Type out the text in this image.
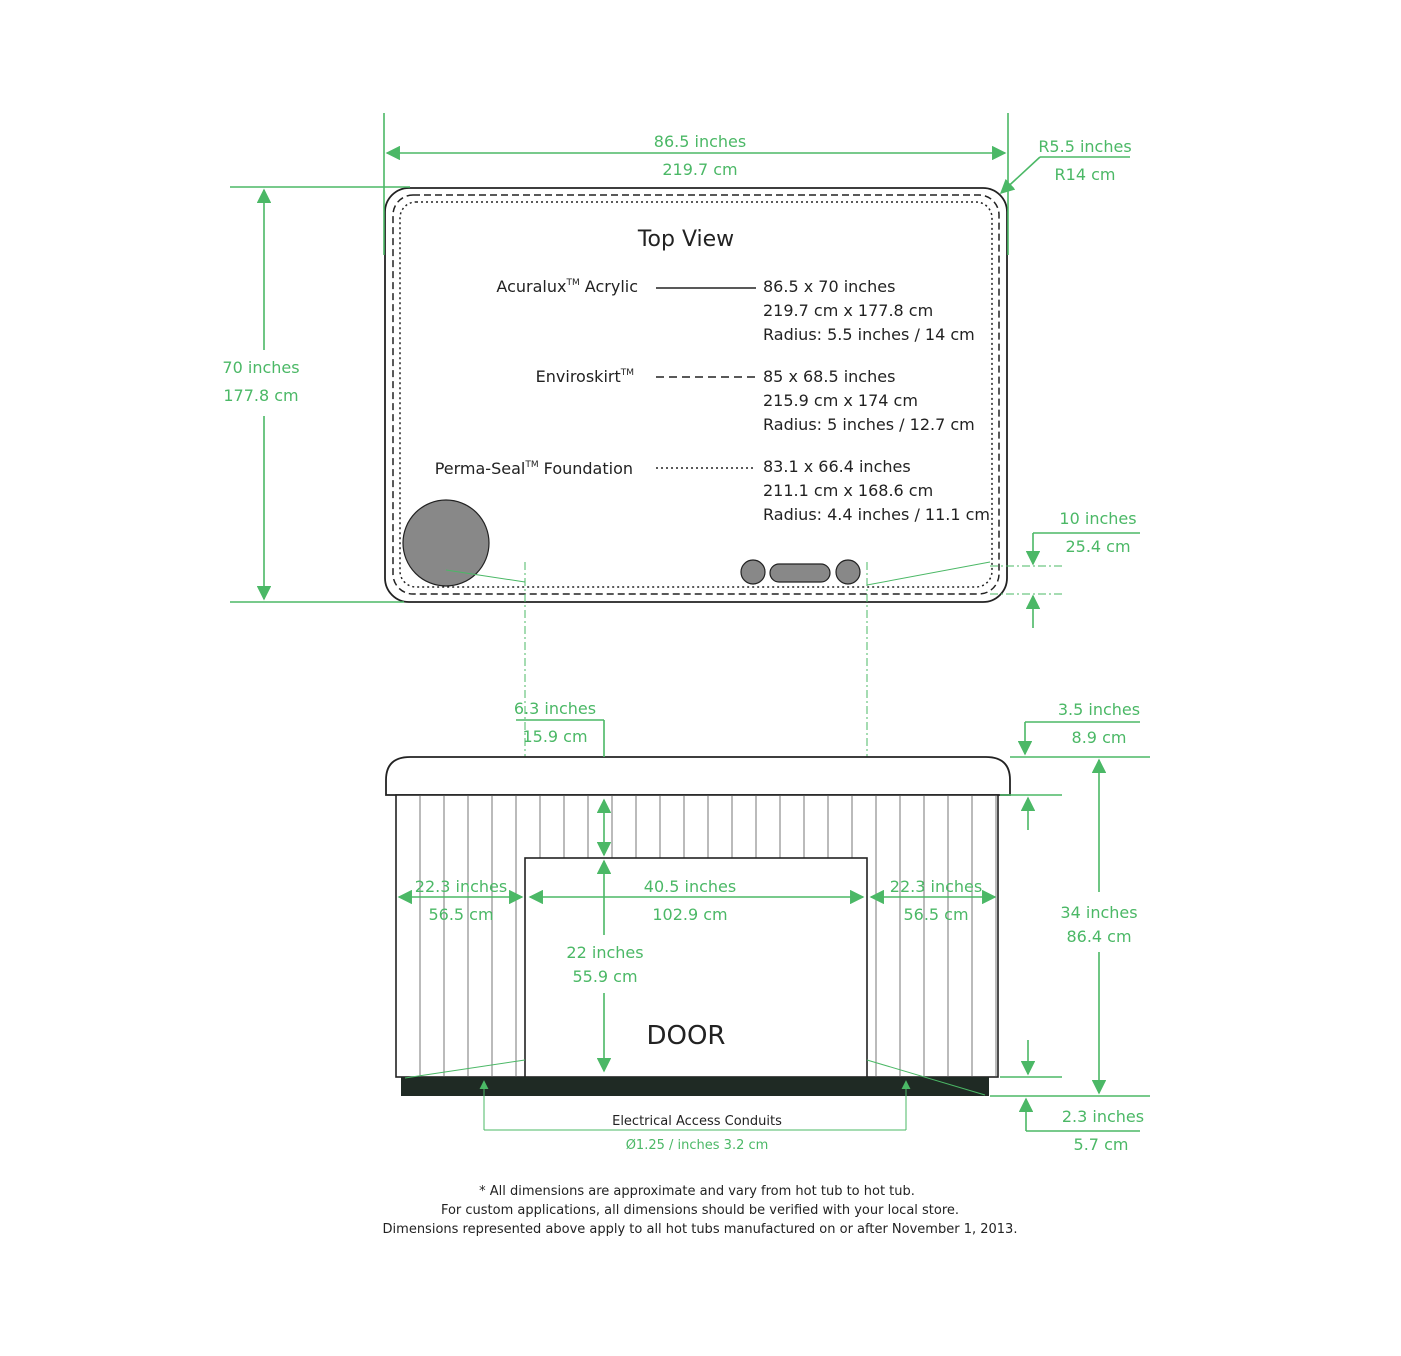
Top View
Acuralux™ Acrylic	86.5 x 70 inches
219.7 cm x 177.8 cm
Radius: 5.5 inches / 14 cm
Enviroskirt™	85 x 68.5 inches
215.9 cm x 174 cm
Radius: 5 inches / 12.7 cm
Perma-Seal™ Foundation	83.1 x 66.4 inches
211.1 cm x 168.6 cm
Radius: 4.4 inches / 11.1 cm
86.5 inches
219.7 cm
R5.5 inches
R14 cm
70 inches
177.8 cm
10 inches
25.4 cm
DOOR
6.3 inches
15.9 cm
22 inches
55.9 cm
22.3 inches
56.5 cm
40.5 inches
102.9 cm
22.3 inches
56.5 cm
3.5 inches
8.9 cm
34 inches
86.4 cm
2.3 inches
5.7 cm
Electrical Access Conduits
Ø1.25 / inches 3.2 cm
* All dimensions are approximate and vary from hot tub to hot tub.
For custom applications, all dimensions should be verified with your local store.
Dimensions represented above apply to all hot tubs manufactured on or after November 1, 2013.
